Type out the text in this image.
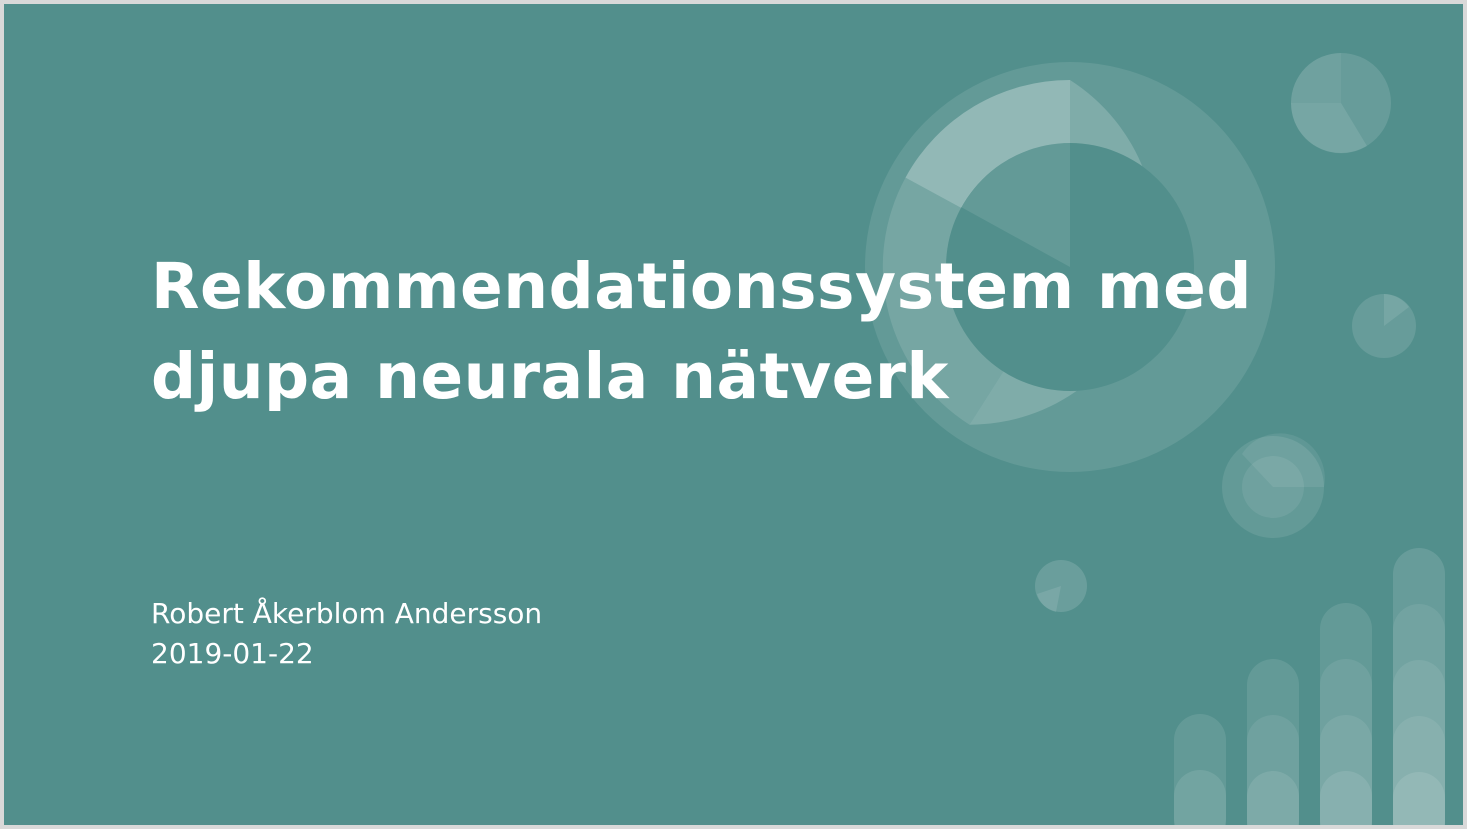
Rekommendationssystem med
djupa neurala nätverk
Robert Åkerblom Andersson
2019-01-22
